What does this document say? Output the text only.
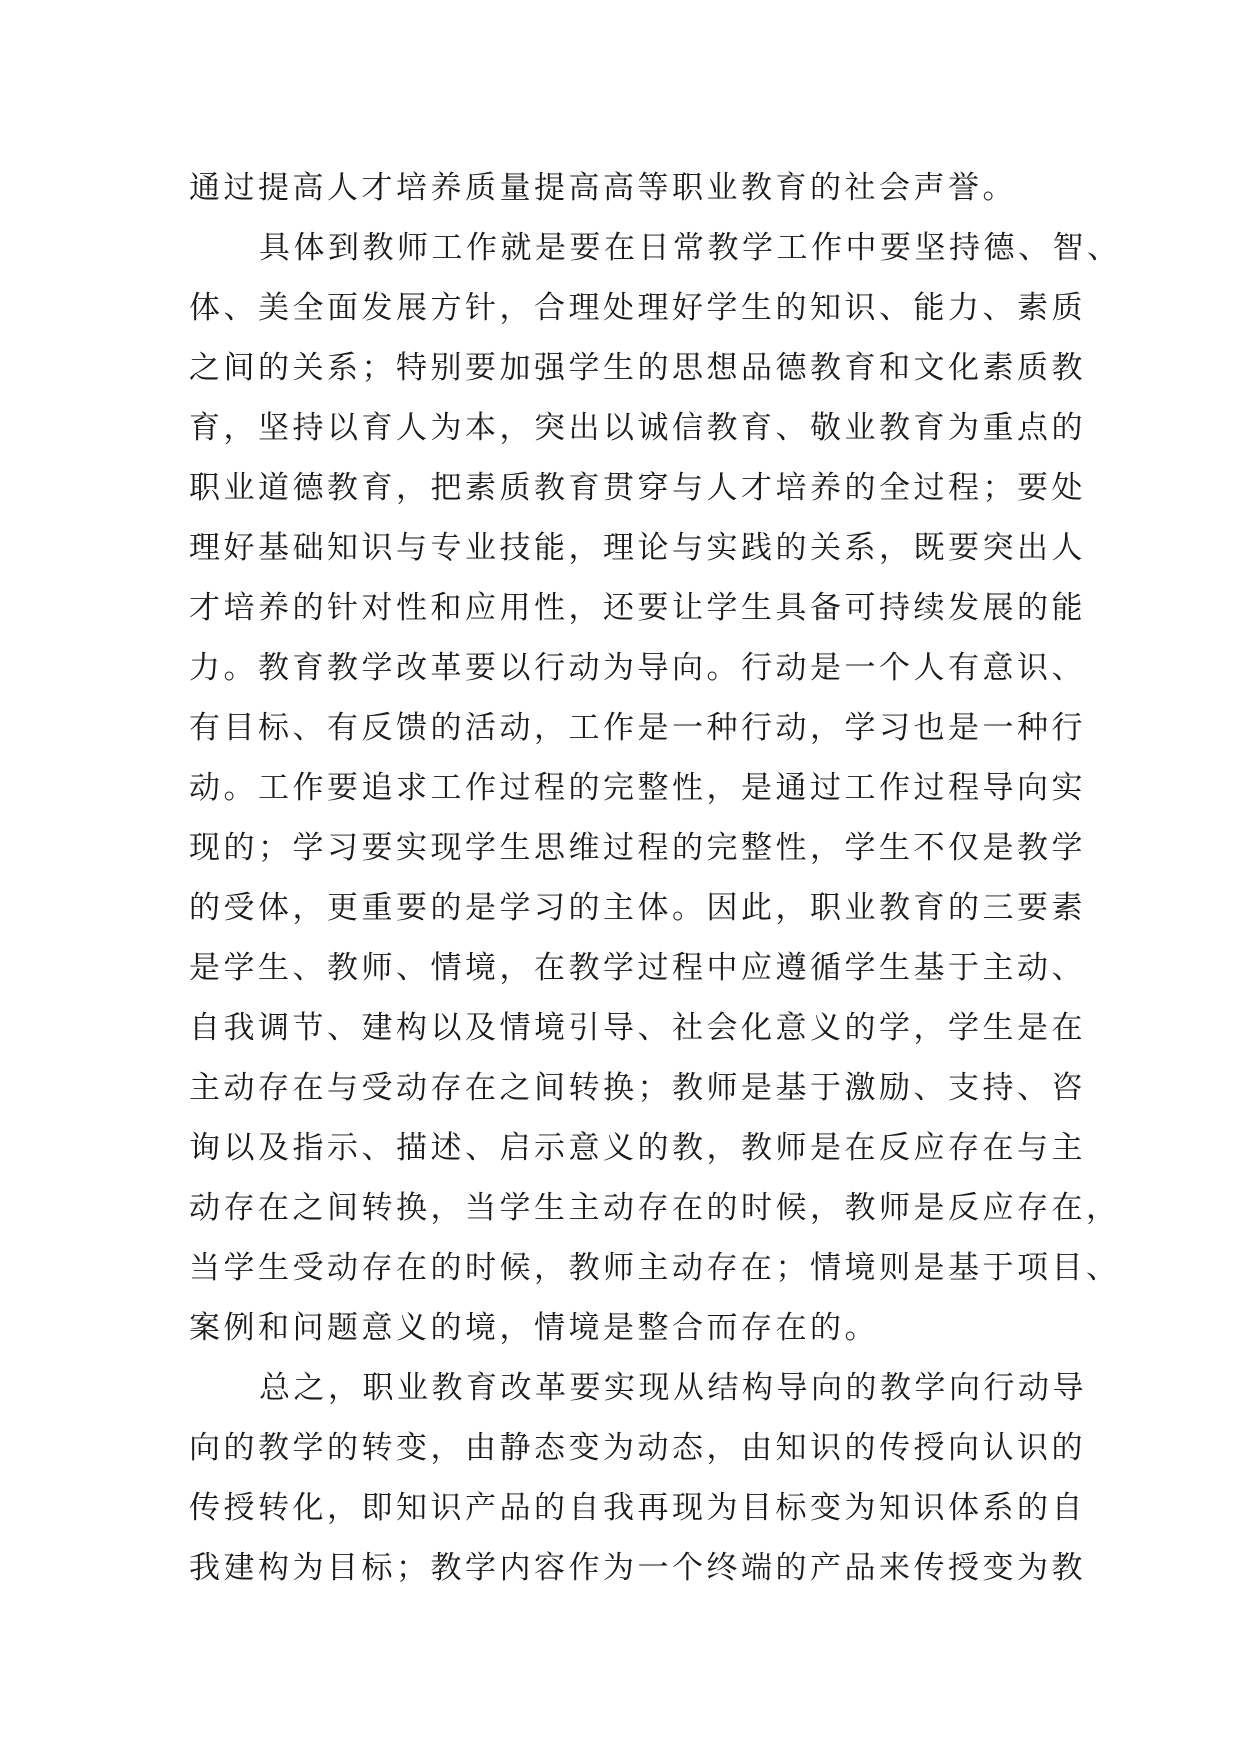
通过提高人才培养质量提高高等职业教育的社会声誉。
具体到教师工作就是要在日常教学工作中要坚持德、智、
体、美全面发展方针，合理处理好学生的知识、能力、素质
之间的关系；特别要加强学生的思想品德教育和文化素质教
育，坚持以育人为本，突出以诚信教育、敬业教育为重点的
职业道德教育，把素质教育贯穿与人才培养的全过程；要处
理好基础知识与专业技能，理论与实践的关系，既要突出人
才培养的针对性和应用性，还要让学生具备可持续发展的能
力。教育教学改革要以行动为导向。行动是一个人有意识、
有目标、有反馈的活动，工作是一种行动，学习也是一种行
动。工作要追求工作过程的完整性，是通过工作过程导向实
现的；学习要实现学生思维过程的完整性，学生不仅是教学
的受体，更重要的是学习的主体。因此，职业教育的三要素
是学生、教师、情境，在教学过程中应遵循学生基于主动、
自我调节、建构以及情境引导、社会化意义的学，学生是在
主动存在与受动存在之间转换；教师是基于激励、支持、咨
询以及指示、描述、启示意义的教，教师是在反应存在与主
动存在之间转换，当学生主动存在的时候，教师是反应存在，
当学生受动存在的时候，教师主动存在；情境则是基于项目、
案例和问题意义的境，情境是整合而存在的。
总之，职业教育改革要实现从结构导向的教学向行动导
向的教学的转变，由静态变为动态，由知识的传授向认识的
传授转化，即知识产品的自我再现为目标变为知识体系的自
我建构为目标；教学内容作为一个终端的产品来传授变为教
